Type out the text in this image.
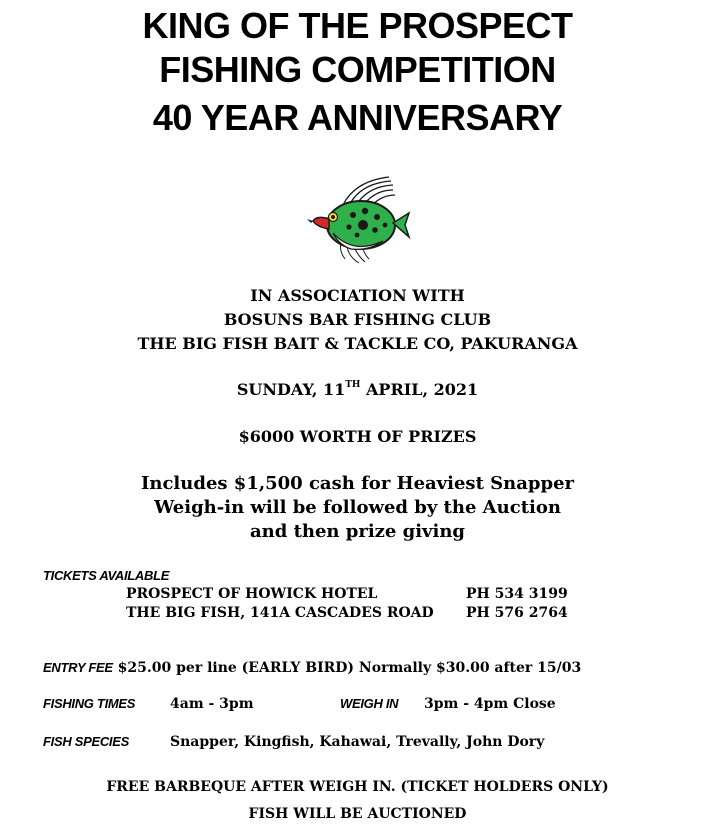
KING OF THE PROSPECT
FISHING COMPETITION
40 YEAR ANNIVERSARY
IN ASSOCIATION WITH
BOSUNS BAR FISHING CLUB
THE BIG FISH BAIT & TACKLE CO, PAKURANGA
SUNDAY, 11TH APRIL, 2021
$6000 WORTH OF PRIZES
Includes $1,500 cash for Heaviest Snapper
Weigh-in will be followed by the Auction
and then prize giving
TICKETS AVAILABLE
PROSPECT OF HOWICK HOTEL	PH 534 3199
THE BIG FISH, 141A CASCADES ROAD PH 576 2764
ENTRY FEE $25.00 per line (EARLY BIRD) Normally $30.00 after 15/03
FISHING TIMES 4am - 3pm	WEIGH IN 3pm - 4pm Close
FISH SPECIES	Snapper, Kingfish, Kahawai, Trevally, John Dory
FREE BARBEQUE AFTER WEIGH IN. (TICKET HOLDERS ONLY)
FISH WILL BE AUCTIONED
